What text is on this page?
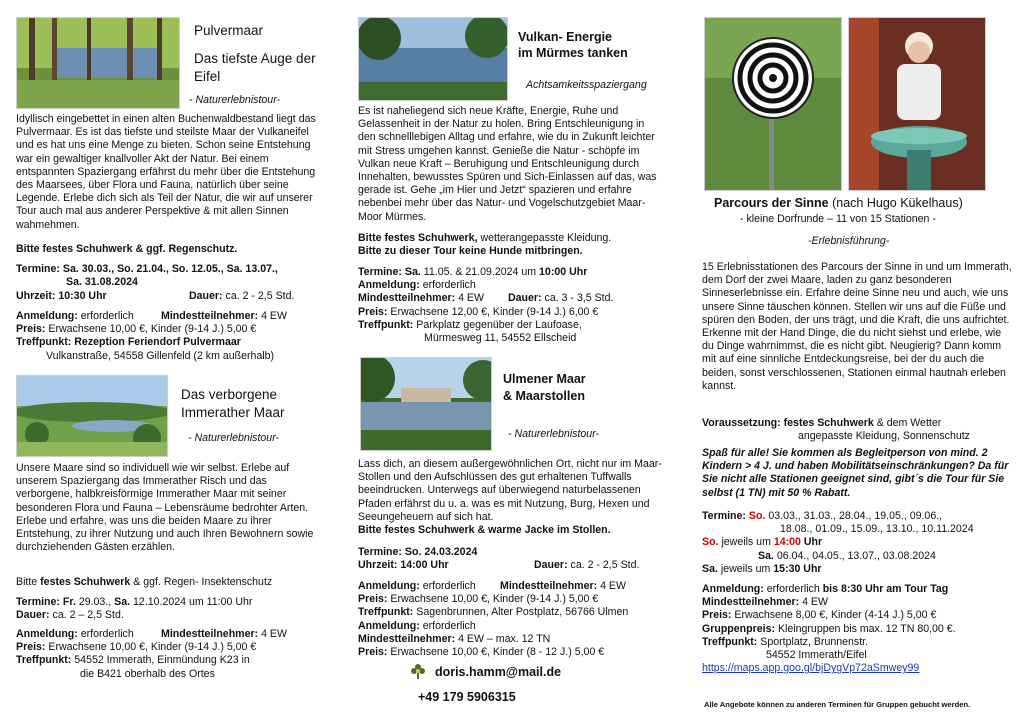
Pulvermaar
Das tiefste Auge der Eifel
- Naturerlebnistour-

Idyllisch eingebettet in einen alten Buchenwaldbestand liegt das Pulvermaar. Es ist das tiefste und steilste Maar der Vulkaneifel und es hat uns eine Menge zu bieten. Schon seine Entstehung war ein gewaltiger knallvoller Akt der Natur. Bei einem entspannten Spaziergang erfährst du mehr über die Entstehung des Maarsees, über Flora und Fauna, natürlich über seine Legende. Erlebe dich sich als Teil der Natur, die wir auf unserer Tour auch mal aus anderer Perspektive & mit allen Sinnen wahmehmen.

Bitte festes Schuhwerk & ggf. Regenschutz.

Termine: Sa. 30.03., So. 21.04., So. 12.05., Sa. 13.07.,
Sa. 31.08.2024
Uhrzeit: 10:30 Uhr	Dauer: ca. 2 - 2,5 Std.
Anmeldung: erforderlich	Mindestteilnehmer: 4 EW
Preis: Erwachsene 10,00 €, Kinder (9-14 J.) 5,00 €
Treffpunkt: Rezeption Feriendorf Pulvermaar
Vulkanstraße, 54558 Gillenfeld (2 km außerhalb)
Das verborgene
Immerather Maar
- Naturerlebnistour-

Unsere Maare sind so individuell wie wir selbst. Erlebe auf unserem Spaziergang das Immerather Risch und das verborgene, halbkreisförmige Immerather Maar mit seiner besonderen Flora und Fauna – Lebensräume bedrohter Arten. Erlebe und erfahre, was uns die beiden Maare zu ihrer Entstehung, zu ihrer Nutzung und auch Ihren Bewohnern sowie durchziehenden Gästen erzählen.

Bitte festes Schuhwerk & ggf. Regen- Insektenschutz
Termine: Fr. 29.03., Sa. 12.10.2024 um 11:00 Uhr
Dauer: ca. 2 – 2,5 Std.
Anmeldung: erforderlich	Mindestteilnehmer: 4 EW
Preis: Erwachsene 10,00 €, Kinder (9-14 J.) 5,00 €
Treffpunkt: 54552 Immerath, Einmündung K23 in
die B421 oberhalb des Ortes
Vulkan- Energie
im Mürmes tanken
Achtsamkeitsspaziergang

Es ist naheliegend sich neue Kräfte, Energie, Ruhe und Gelassenheit in der Natur zu holen. Bring Entschleunigung in den schnelllebigen Alltag und erfahre, wie du in Zukunft leichter mit Stress umgehen kannst. Genieße die Natur - schöpfe im Vulkan neue Kraft – Beruhigung und Entschleunigung durch Innehalten, bewusstes Spüren und Sich-Einlassen auf das, was gerade ist. Gehe „im Hier und Jetzt“ spazieren und erfahre nebenbei mehr über das Natur- und Vogelschutzgebiet Maar-Moor Mürmes.

Bitte festes Schuhwerk, wetterangepasste Kleidung.
Bitte zu dieser Tour keine Hunde mitbringen.
Termine: Sa. 11.05. & 21.09.2024 um 10:00 Uhr
Anmeldung: erforderlich
Mindestteilnehmer: 4 EW Dauer: ca. 3 - 3,5 Std.
Preis: Erwachsene 12,00 €, Kinder (9-14 J.) 6,00 €
Treffpunkt: Parkplatz gegenüber der Laufoase,
Mürmesweg 11, 54552 Ellscheid
Ulmener Maar
& Maarstollen
- Naturerlebnistour-

Lass dich, an diesem außergewöhnlichen Ort, nicht nur im Maar-Stollen und den Aufschlüssen des gut erhaltenen Tuffwalls beeindrucken. Unterwegs auf überwiegend naturbelassenen Pfaden erfährst du u. a. was es mit Nutzung, Burg, Hexen und Seeungeheuern auf sich hat.

Bitte festes Schuhwerk & warme Jacke im Stollen.

Termine: So. 24.03.2024
Uhrzeit: 14:00 Uhr	Dauer: ca. 2 - 2,5 Std.
Anmeldung: erforderlich Mindestteilnehmer: 4 EW
Preis: Erwachsene 10,00 €, Kinder (9-14 J.) 5,00 €
Treffpunkt: Sagenbrunnen, Alter Postplatz, 56766 Ulmen
Anmeldung: erforderlich
Mindestteilnehmer: 4 EW – max. 12 TN
Preis: Erwachsene 10,00 €, Kinder (8 - 12 J.) 5,00 €
doris.hamm@mail.de
+49 179 5906315
Parcours der Sinne (nach Hugo Kükelhaus)
- kleine Dorfrunde – 11 von 15 Stationen -
-Erlebnisführung-

15 Erlebnisstationen des Parcours der Sinne in und um Immerath, dem Dorf der zwei Maare, laden zu ganz besonderen Sinneserlebnisse ein. Erfahre deine Sinne neu und auch, wie uns unsere Sinne täuschen können. Stellen wir uns auf die Füße und spüren den Boden, der uns trägt, und die Kraft, die uns aufrichtet. Erkenne mit der Hand Dinge, die du nicht siehst und erlebe, wie du Dinge wahrnimmst, die es nicht gibt. Neugierig? Dann komm mit auf eine sinnliche Entdeckungsreise, bei der du auch die beiden, sonst verschlossenen, Stationen einmal hautnah erleben kannst.

Voraussetzung: festes Schuhwerk & dem Wetter
angepasste Kleidung, Sonnenschutz

Spaß für alle! Sie kommen als Begleitperson von mind. 2 Kindern > 4 J. und haben Mobilitätseinschränkungen? Da für Sie nicht alle Stationen geeignet sind, gibt´s die Tour für Sie selbst (1 TN) mit 50 % Rabatt.

Termine: So. 03.03., 31.03., 28.04., 19.05., 09.06.,
18.08., 01.09., 15.09., 13.10., 10.11.2024
So. jeweils um 14:00 Uhr
Sa. 06.04., 04.05., 13.07., 03.08.2024
Sa. jeweils um 15:30 Uhr
Anmeldung: erforderlich bis 8:30 Uhr am Tour Tag
Mindestteilnehmer: 4 EW
Preis: Erwachsene 8,00 €, Kinder (4-14 J.) 5,00 €
Gruppenpreis: Kleingruppen bis max. 12 TN 80,00 €.
Treffpunkt: Sportplatz, Brunnenstr.
54552 Immerath/Eifel
https://maps.app.goo.gl/bjDygVp72aSmwey99
Alle Angebote können zu anderen Terminen für Gruppen gebucht werden.
